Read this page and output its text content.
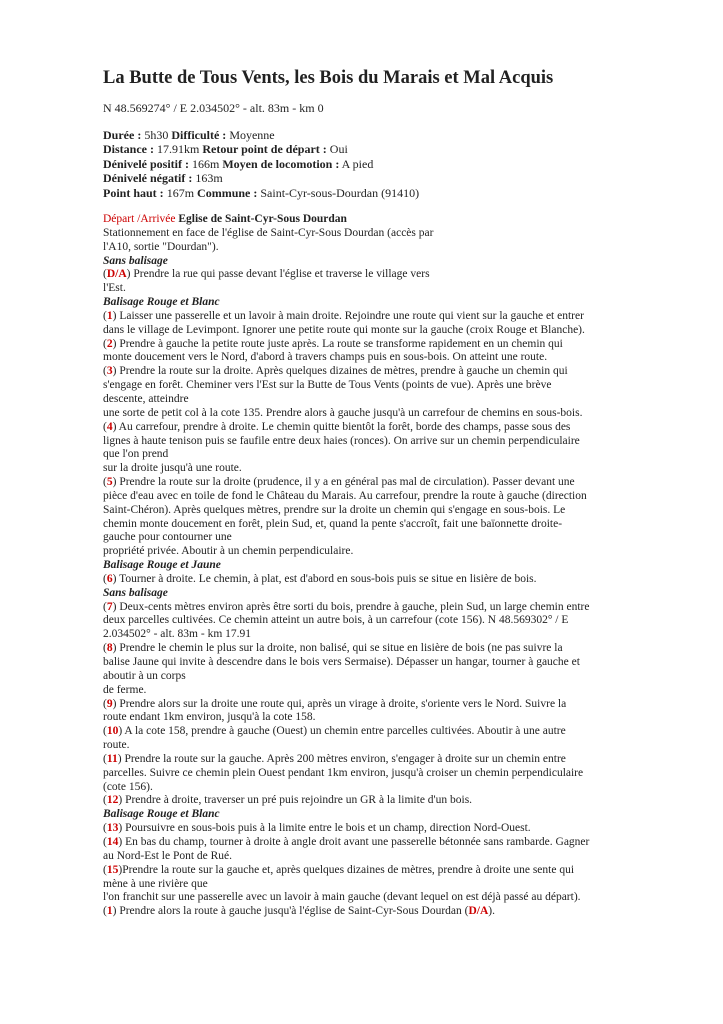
La Butte de Tous Vents, les Bois du Marais et Mal Acquis
N 48.569274° / E 2.034502° - alt. 83m - km 0
Durée : 5h30 Difficulté : Moyenne
Distance : 17.91km Retour point de départ : Oui
Dénivelé positif : 166m Moyen de locomotion : A pied
Dénivelé négatif : 163m
Point haut : 167m Commune : Saint-Cyr-sous-Dourdan (91410)

Départ /Arrivée Eglise de Saint-Cyr-Sous Dourdan

Stationnement en face de l'église de Saint-Cyr-Sous Dourdan (accès par

l'A10, sortie "Dourdan").

Sans balisage

(D/A) Prendre la rue qui passe devant l'église et traverse le village vers

l'Est.

Balisage Rouge et Blanc

(1) Laisser une passerelle et un lavoir à main droite. Rejoindre une route qui vient sur la gauche et entrer

dans le village de Levimpont. Ignorer une petite route qui monte sur la gauche (croix Rouge et Blanche).

(2) Prendre à gauche la petite route juste après. La route se transforme rapidement en un chemin qui

monte doucement vers le Nord, d'abord à travers champs puis en sous-bois. On atteint une route.

(3) Prendre la route sur la droite. Après quelques dizaines de mètres, prendre à gauche un chemin qui

s'engage en forêt. Cheminer vers l'Est sur la Butte de Tous Vents (points de vue). Après une brève

descente, atteindre

une sorte de petit col à la cote 135. Prendre alors à gauche jusqu'à un carrefour de chemins en sous-bois.

(4) Au carrefour, prendre à droite. Le chemin quitte bientôt la forêt, borde des champs, passe sous des

lignes à haute tenison puis se faufile entre deux haies (ronces). On arrive sur un chemin perpendiculaire

que l'on prend

sur la droite jusqu'à une route.

(5) Prendre la route sur la droite (prudence, il y a en général pas mal de circulation). Passer devant une

pièce d'eau avec en toile de fond le Château du Marais. Au carrefour, prendre la route à gauche (direction

Saint-Chéron). Après quelques mètres, prendre sur la droite un chemin qui s'engage en sous-bois. Le

chemin monte doucement en forêt, plein Sud, et, quand la pente s'accroît, fait une baïonnette droite-

gauche pour contourner une

propriété privée. Aboutir à un chemin perpendiculaire.

Balisage Rouge et Jaune

(6) Tourner à droite. Le chemin, à plat, est d'abord en sous-bois puis se situe en lisière de bois.

Sans balisage

(7) Deux-cents mètres environ après être sorti du bois, prendre à gauche, plein Sud, un large chemin entre

deux parcelles cultivées. Ce chemin atteint un autre bois, à un carrefour (cote 156). N 48.569302° / E

2.034502° - alt. 83m - km 17.91

(8) Prendre le chemin le plus sur la droite, non balisé, qui se situe en lisière de bois (ne pas suivre la

balise Jaune qui invite à descendre dans le bois vers Sermaise). Dépasser un hangar, tourner à gauche et

aboutir à un corps

de ferme.

(9) Prendre alors sur la droite une route qui, après un virage à droite, s'oriente vers le Nord. Suivre la

route endant 1km environ, jusqu'à la cote 158.

(10) A la cote 158, prendre à gauche (Ouest) un chemin entre parcelles cultivées. Aboutir à une autre

route.

(11) Prendre la route sur la gauche. Après 200 mètres environ, s'engager à droite sur un chemin entre

parcelles. Suivre ce chemin plein Ouest pendant 1km environ, jusqu'à croiser un chemin perpendiculaire

(cote 156).

(12) Prendre à droite, traverser un pré puis rejoindre un GR à la limite d'un bois.

Balisage Rouge et Blanc

(13) Poursuivre en sous-bois puis à la limite entre le bois et un champ, direction Nord-Ouest.

(14) En bas du champ, tourner à droite à angle droit avant une passerelle bétonnée sans rambarde. Gagner

au Nord-Est le Pont de Rué.

(15)Prendre la route sur la gauche et, après quelques dizaines de mètres, prendre à droite une sente qui

mène à une rivière que

l'on franchit sur une passerelle avec un lavoir à main gauche (devant lequel on est déjà passé au départ).

(1) Prendre alors la route à gauche jusqu'à l'église de Saint-Cyr-Sous Dourdan (D/A).
